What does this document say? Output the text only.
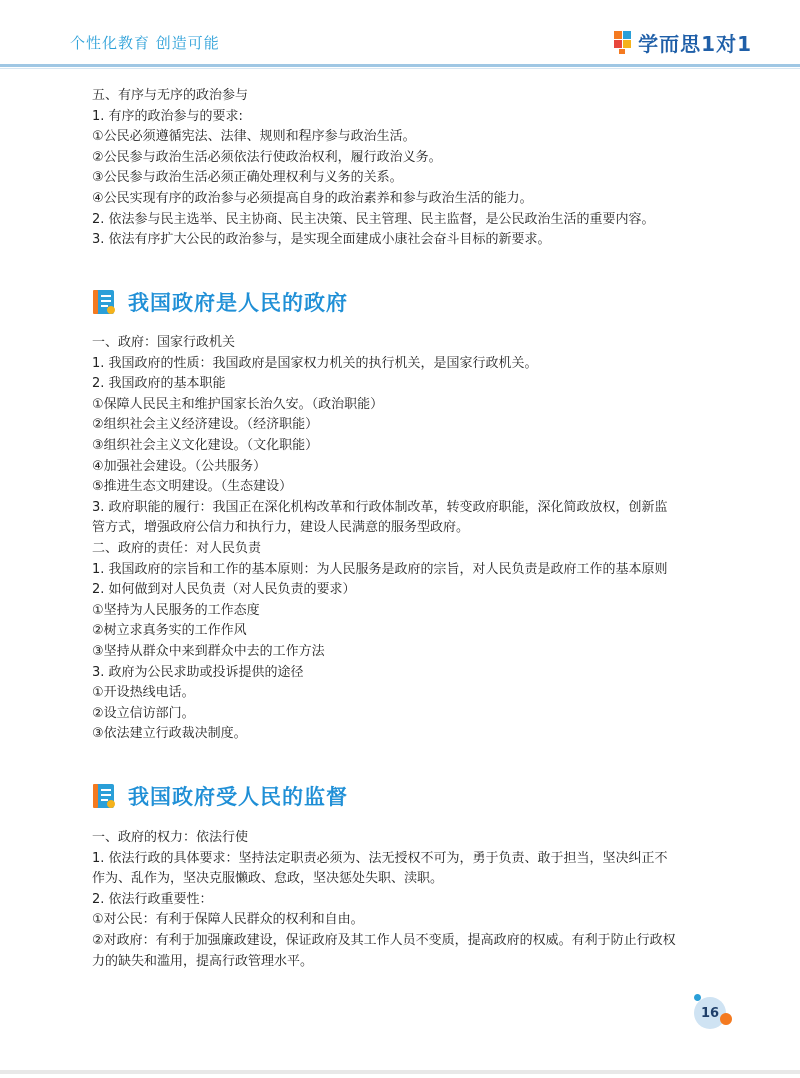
个性化教育 创造可能	学而思1对1
五、有序与无序的政治参与
1. 有序的政治参与的要求:
①公民必须遵循宪法、法律、规则和程序参与政治生活。
②公民参与政治生活必须依法行使政治权利，履行政治义务。
③公民参与政治生活必须正确处理权利与义务的关系。
④公民实现有序的政治参与必须提高自身的政治素养和参与政治生活的能力。
2. 依法参与民主选举、民主协商、民主决策、民主管理、民主监督，是公民政治生活的重要内容。
3. 依法有序扩大公民的政治参与，是实现全面建成小康社会奋斗目标的新要求。
我国政府是人民的政府
一、政府：国家行政机关
1. 我国政府的性质：我国政府是国家权力机关的执行机关，是国家行政机关。
2. 我国政府的基本职能
①保障人民民主和维护国家长治久安。（政治职能）
②组织社会主义经济建设。（经济职能）
③组织社会主义文化建设。（文化职能）
④加强社会建设。（公共服务）
⑤推进生态文明建设。（生态建设）
3. 政府职能的履行：我国正在深化机构改革和行政体制改革，转变政府职能，深化简政放权，创新监
管方式，增强政府公信力和执行力，建设人民满意的服务型政府。
二、政府的责任：对人民负责
1. 我国政府的宗旨和工作的基本原则：为人民服务是政府的宗旨，对人民负责是政府工作的基本原则
2. 如何做到对人民负责（对人民负责的要求）
①坚持为人民服务的工作态度
②树立求真务实的工作作风
③坚持从群众中来到群众中去的工作方法
3. 政府为公民求助或投诉提供的途径
①开设热线电话。
②设立信访部门。
③依法建立行政裁决制度。
我国政府受人民的监督
一、政府的权力：依法行使
1. 依法行政的具体要求：坚持法定职责必须为、法无授权不可为，勇于负责、敢于担当，坚决纠正不
作为、乱作为，坚决克服懒政、怠政，坚决惩处失职、渎职。
2. 依法行政重要性：
①对公民：有利于保障人民群众的权利和自由。
②对政府：有利于加强廉政建设，保证政府及其工作人员不变质，提高政府的权威。有利于防止行政权
力的缺失和滥用，提高行政管理水平。
16
